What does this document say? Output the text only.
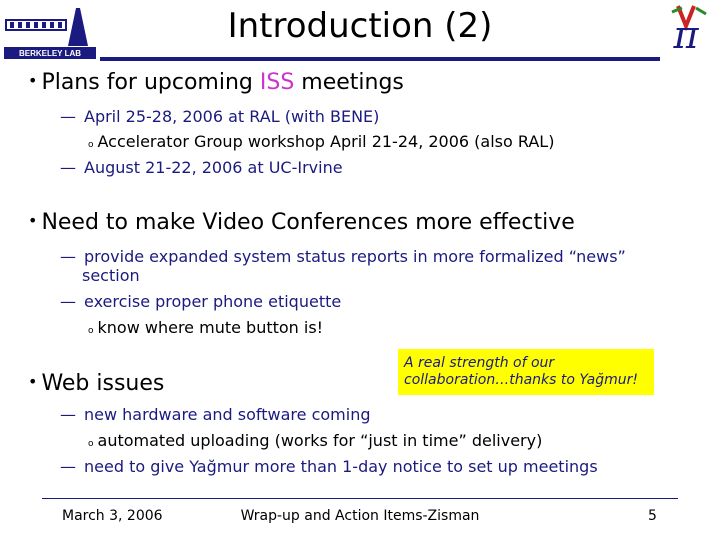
BERKELEY LAB
Introduction (2)	π
• Plans for upcoming ISS meetings
— April 25-28, 2006 at RAL (with BENE)
o Accelerator Group workshop April 21-24, 2006 (also RAL)
— August 21-22, 2006 at UC-Irvine
• Need to make Video Conferences more effective
— provide expanded system status reports in more formalized “news”
section
— exercise proper phone etiquette
o know where mute button is!
A real strength of our
collaboration…thanks to Yağmur!
• Web issues
— new hardware and software coming
o automated uploading (works for “just in time” delivery)
— need to give Yağmur more than 1-day notice to set up meetings
March 3, 2006	Wrap-up and Action Items-Zisman	5
